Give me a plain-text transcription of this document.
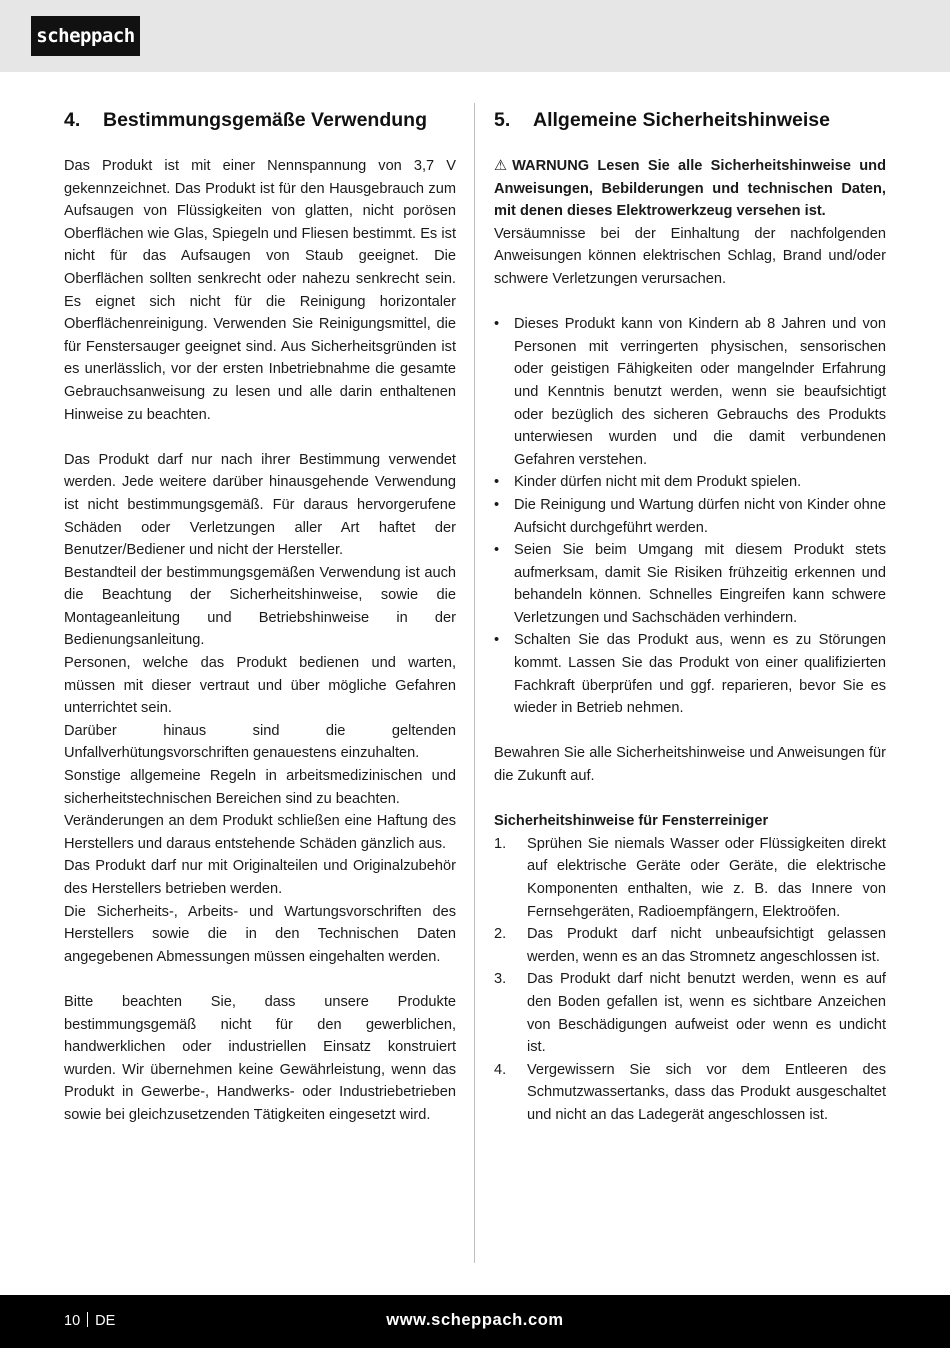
scheppach
4.	Bestimmungsgemäße Verwendung

Das Produkt ist mit einer Nennspannung von 3,7 V gekennzeichnet. Das Produkt ist für den Hausgebrauch zum Aufsaugen von Flüssigkeiten von glatten, nicht porösen Oberflächen wie Glas, Spiegeln und Fliesen bestimmt. Es ist nicht für das Aufsaugen von Staub geeignet. Die Oberflächen sollten senkrecht oder nahezu senkrecht sein. Es eignet sich nicht für die Reinigung horizontaler Oberflächenreinigung. Verwenden Sie Reinigungsmittel, die für Fenstersauger geeignet sind. Aus Sicherheitsgründen ist es unerlässlich, vor der ersten Inbetriebnahme die gesamte Gebrauchsanweisung zu lesen und alle darin enthaltenen Hinweise zu beachten.

Das Produkt darf nur nach ihrer Bestimmung verwendet werden. Jede weitere darüber hinausgehende Verwendung ist nicht bestimmungsgemäß. Für daraus hervorgerufene Schäden oder Verletzungen aller Art haftet der Benutzer/Bediener und nicht der Hersteller.

Bestandteil der bestimmungsgemäßen Verwendung ist auch die Beachtung der Sicherheitshinweise, sowie die Montageanleitung und Betriebshinweise in der Bedienungsanleitung.

Personen, welche das Produkt bedienen und warten, müssen mit dieser vertraut und über mögliche Gefahren unterrichtet sein.

Darüber hinaus sind die geltenden Unfallverhütungsvorschriften genauestens einzuhalten.

Sonstige allgemeine Regeln in arbeitsmedizinischen und sicherheitstechnischen Bereichen sind zu beachten.

Veränderungen an dem Produkt schließen eine Haftung des Herstellers und daraus entstehende Schäden gänzlich aus.

Das Produkt darf nur mit Originalteilen und Originalzubehör des Herstellers betrieben werden.

Die Sicherheits-, Arbeits- und Wartungsvorschriften des Herstellers sowie die in den Technischen Daten angegebenen Abmessungen müssen eingehalten werden.

Bitte beachten Sie, dass unsere Produkte bestimmungsgemäß nicht für den gewerblichen, handwerklichen oder industriellen Einsatz konstruiert wurden. Wir übernehmen keine Gewährleistung, wenn das Produkt in Gewerbe-, Handwerks- oder Industriebetrieben sowie bei gleichzusetzenden Tätigkeiten eingesetzt wird.

5.	Allgemeine Sicherheitshinweise

⚠ WARNUNG Lesen Sie alle Sicherheitshinweise und Anweisungen, Bebilderungen und technischen Daten, mit denen dieses Elektrowerkzeug versehen ist.

Versäumnisse bei der Einhaltung der nachfolgenden Anweisungen können elektrischen Schlag, Brand und/oder schwere Verletzungen verursachen.

• Dieses Produkt kann von Kindern ab 8 Jahren und von Personen mit verringerten physischen, sensorischen oder geistigen Fähigkeiten oder mangelnder Erfahrung und Kenntnis benutzt werden, wenn sie beaufsichtigt oder bezüglich des sicheren Gebrauchs des Produkts unterwiesen wurden und die damit verbundenen Gefahren verstehen.
• Kinder dürfen nicht mit dem Produkt spielen.
• Die Reinigung und Wartung dürfen nicht von Kinder ohne Aufsicht durchgeführt werden.
• Seien Sie beim Umgang mit diesem Produkt stets aufmerksam, damit Sie Risiken frühzeitig erkennen und behandeln können. Schnelles Eingreifen kann schwere Verletzungen und Sachschäden verhindern.
• Schalten Sie das Produkt aus, wenn es zu Störungen kommt. Lassen Sie das Produkt von einer qualifizierten Fachkraft überprüfen und ggf. reparieren, bevor Sie es wieder in Betrieb nehmen.

Bewahren Sie alle Sicherheitshinweise und Anweisungen für die Zukunft auf.

Sicherheitshinweise für Fensterreiniger

1. Sprühen Sie niemals Wasser oder Flüssigkeiten direkt auf elektrische Geräte oder Geräte, die elektrische Komponenten enthalten, wie z. B. das Innere von Fernsehgeräten, Radioempfängern, Elektroöfen.
2. Das Produkt darf nicht unbeaufsichtigt gelassen werden, wenn es an das Stromnetz angeschlossen ist.
3. Das Produkt darf nicht benutzt werden, wenn es auf den Boden gefallen ist, wenn es sichtbare Anzeichen von Beschädigungen aufweist oder wenn es undicht ist.
4. Vergewissern Sie sich vor dem Entleeren des Schmutzwassertanks, dass das Produkt ausgeschaltet und nicht an das Ladegerät angeschlossen ist.
10 DE	www.scheppach.com
